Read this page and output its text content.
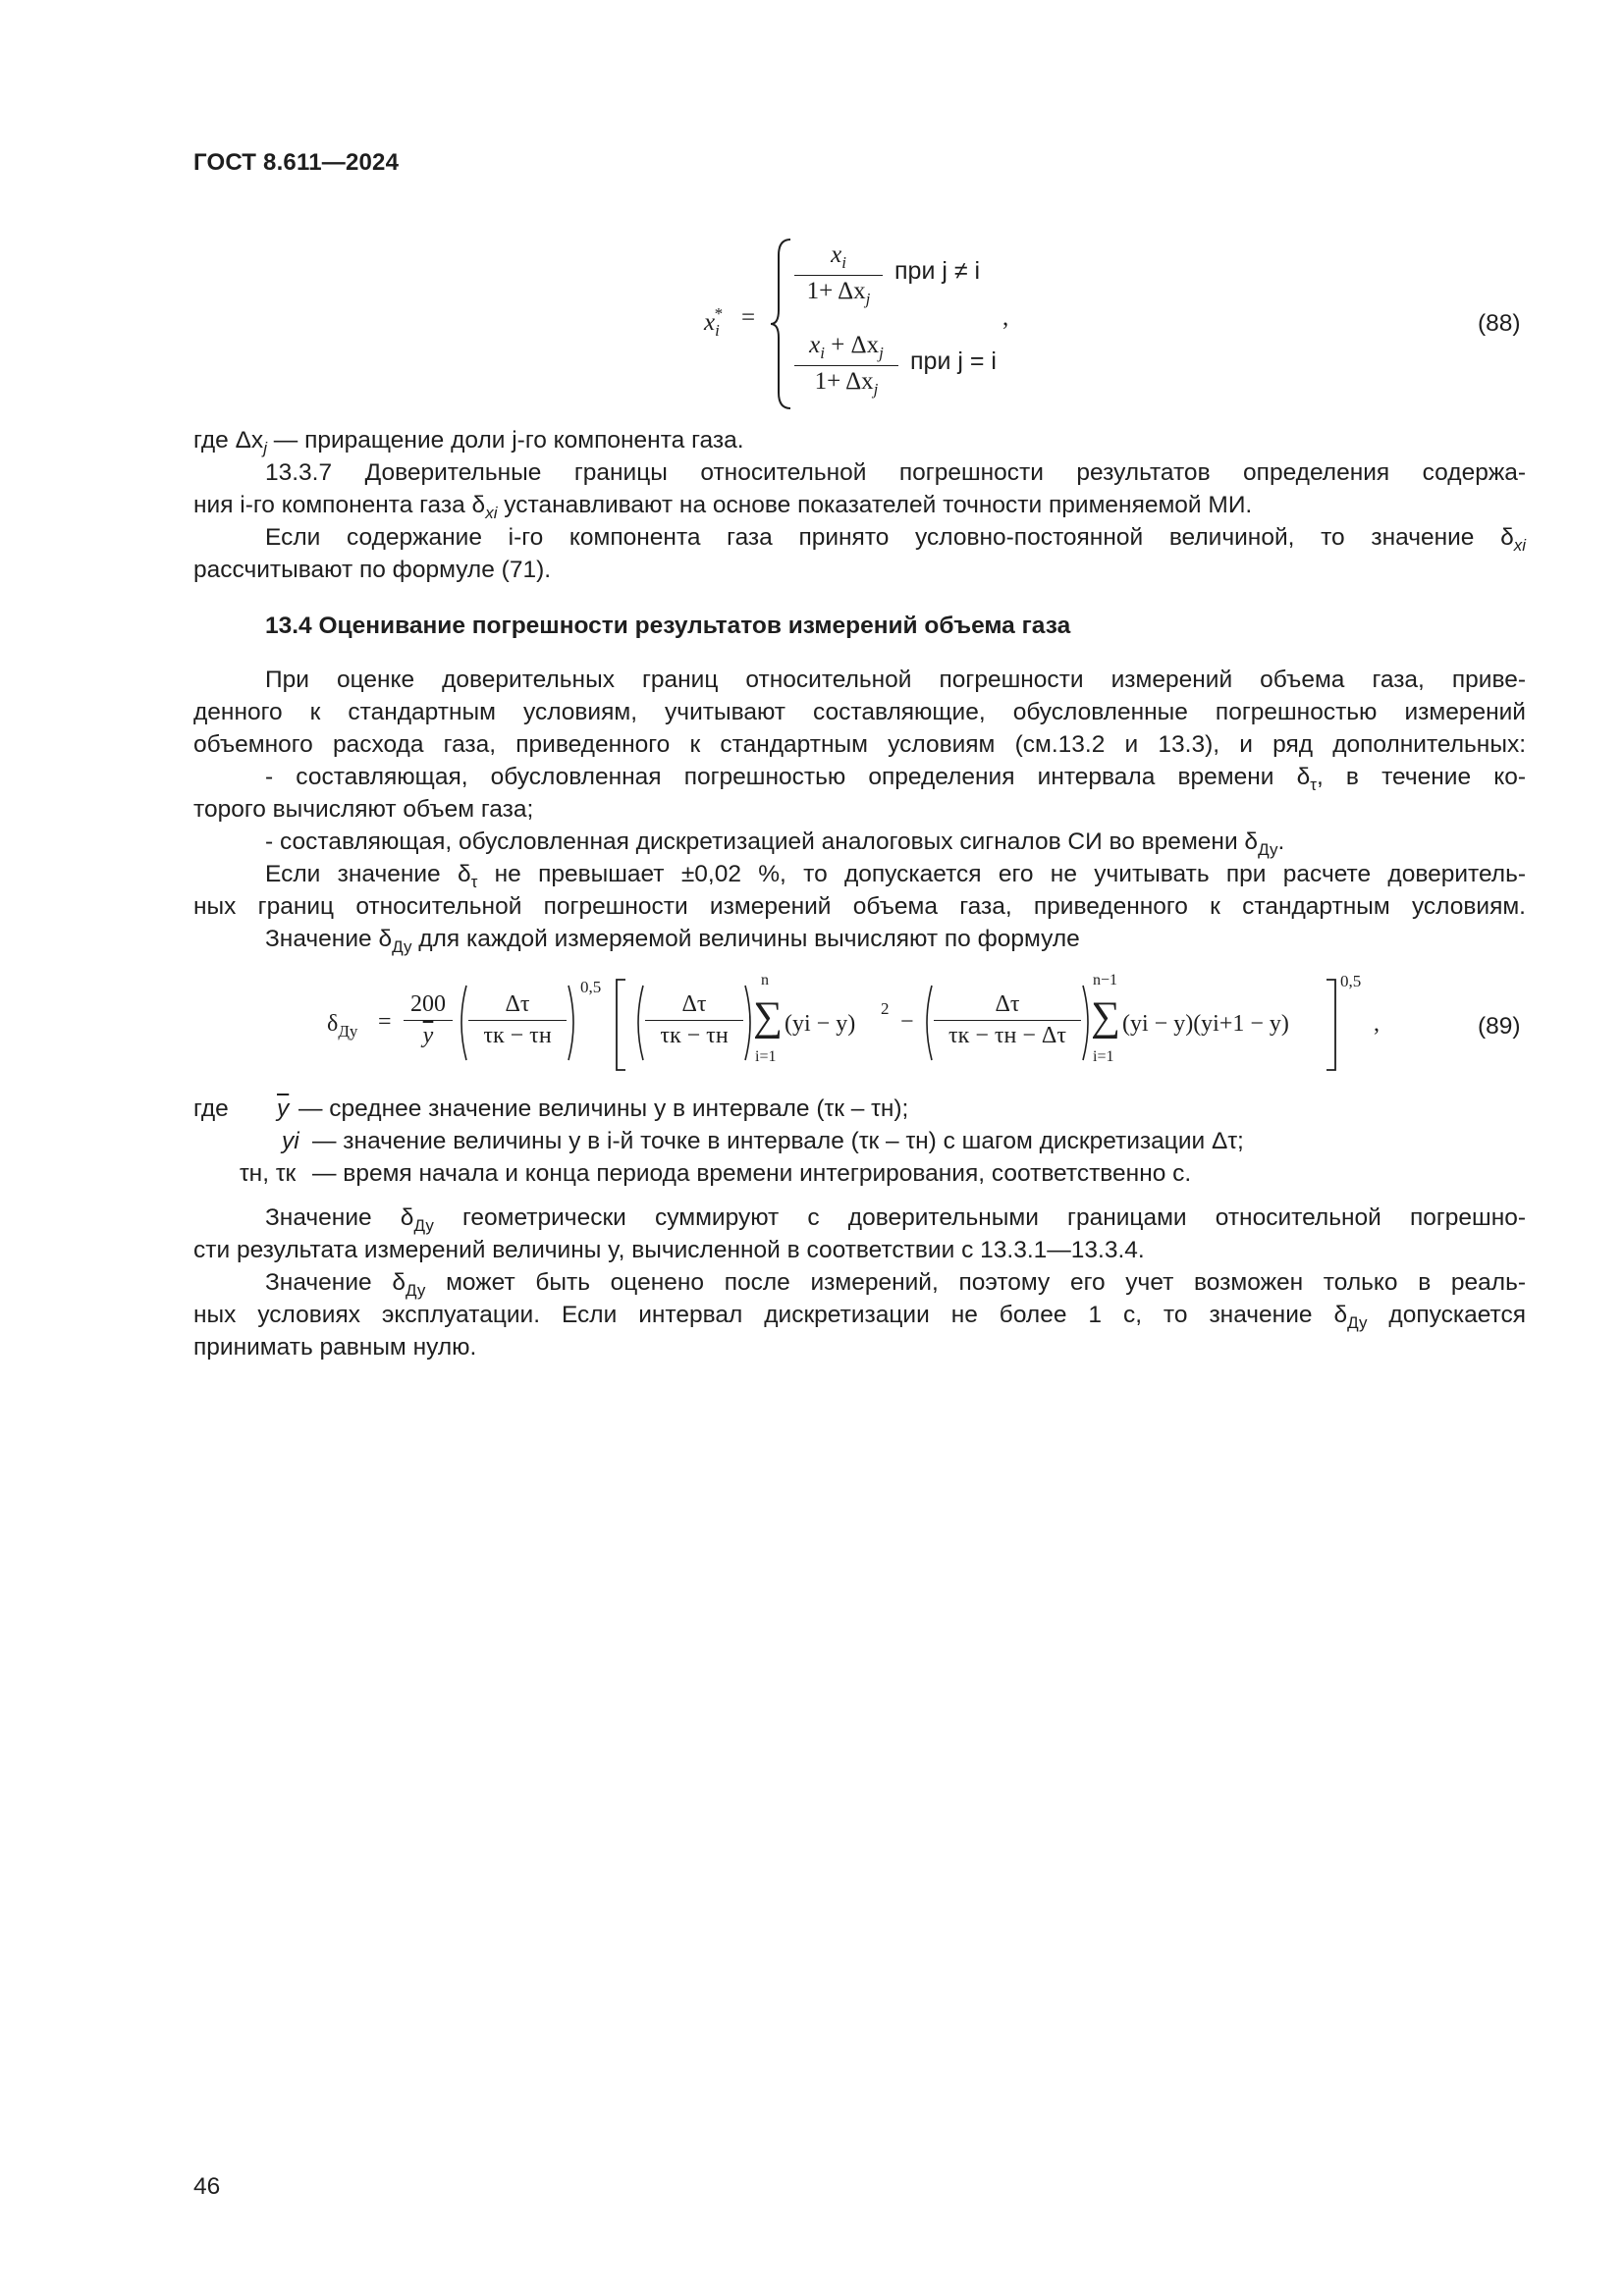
ГОСТ 8.611—2024
$x_i^*$ =
$x_i$
$1+ \Delta x_j$
при j ≠ i
$x_i + \Delta x_j$
$1+ \Delta x_j$
при j = i
,	(88)
где $\Delta x_j$ — приращение доли j-го компонента газа.
13.3.7 Доверительные границы относительной погрешности результатов определения содержа-
ния i-го компонента газа $\delta_{xi}$ устанавливают на основе показателей точности применяемой МИ.
Если содержание i-го компонента газа принято условно-постоянной величиной, то значение $\delta_{xi}$
рассчитывают по формуле (71).
13.4 Оценивание погрешности результатов измерений объема газа
При оценке доверительных границ относительной погрешности измерений объема газа, приве-
денного к стандартным условиям, учитывают составляющие, обусловленные погрешностью измерений
объемного расхода газа, приведенного к стандартным условиям (см.13.2 и 13.3), и ряд дополнительных:
- составляющая, обусловленная погрешностью определения интервала времени $\delta_\tau$, в течение ко-
торого вычисляют объем газа;
- составляющая, обусловленная дискретизацией аналоговых сигналов СИ во времени $\delta_{Ду}$.
Если значение $\delta_\tau$ не превышает ±0,02 %, то допускается его не учитывать при расчете доверитель-
ных границ относительной погрешности измерений объема газа, приведенного к стандартным условиям.
Значение $\delta_{Ду}$ для каждой измеряемой величины вычисляют по формуле
$\delta_{Ду}$ =
200
$\overline{y}$
Δτ
τк − τн
0,5
Δτ
τк − τн
n
∑
i=1
(yi − y)
2
−
Δτ
τк − τн − Δτ
n−1
∑
i=1
(yi − y)(yi+1 − y)
0,5
,	(89)
где $\overline{y}$ — среднее значение величины y в интервале (τк – τн);
yi — значение величины y в i-й точке в интервале (τк – τн) с шагом дискретизации Δτ;
τн, τк — время начала и конца периода времени интегрирования, соответственно с.
Значение $\delta_{Ду}$ геометрически суммируют с доверительными границами относительной погрешно-
сти результата измерений величины y, вычисленной в соответствии с 13.3.1—13.3.4.
Значение $\delta_{Ду}$ может быть оценено после измерений, поэтому его учет возможен только в реаль-
ных условиях эксплуатации. Если интервал дискретизации не более 1 с, то значение $\delta_{Ду}$ допускается
принимать равным нулю.
46
